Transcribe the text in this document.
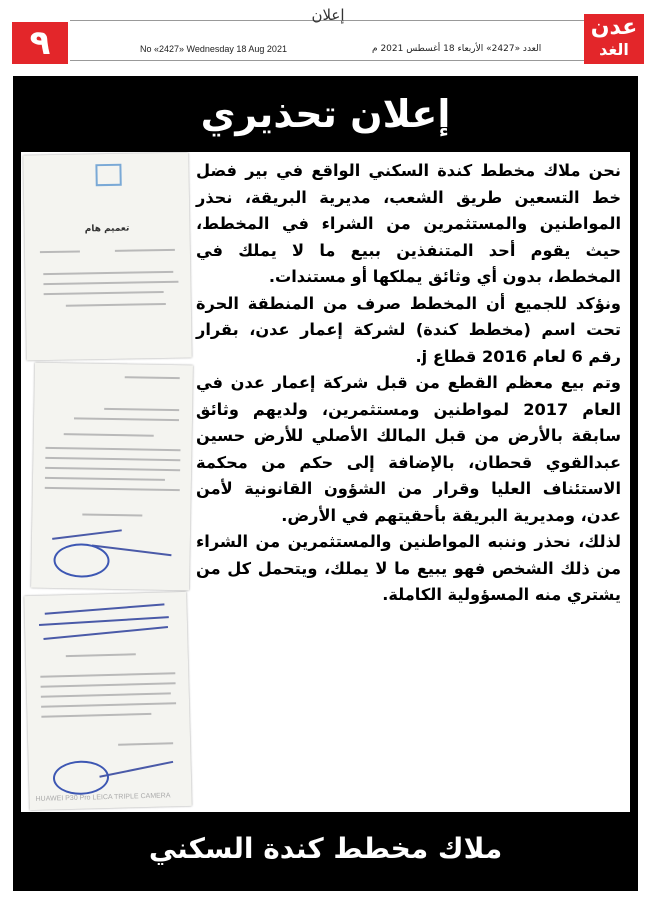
٩
إعلان
No «2427» Wednesday 18 Aug 2021	العدد «2427» الأربعاء 18 أغسطس 2021 م
عدن
الغد
إعلان تحذيري
تعميم هام
HUAWEI P30 Pro LEICA TRIPLE CAMERA

نحن ملاك مخطط كندة السكني الواقع في بير فضل خط التسعين طريق الشعب، مديرية البريقة، نحذر المواطنين والمستثمرين من الشراء في المخطط، حيث يقوم أحد المتنفذين ببيع ما لا يملك في المخطط، بدون أي وثائق يملكها أو مستندات.

ونؤكد للجميع أن المخطط صرف من المنطقة الحرة تحت اسم (مخطط كندة) لشركة إعمار عدن، بقرار رقم 6 لعام 2016 قطاع j.

وتم بيع معظم القطع من قبل شركة إعمار عدن في العام 2017 لمواطنين ومستثمرين، ولديهم وثائق سابقة بالأرض من قبل المالك الأصلي للأرض حسين عبدالقوي قحطان، بالإضافة إلى حكم من محكمة الاستئناف العليا وقرار من الشؤون القانونية لأمن عدن، ومديرية البريقة بأحقيتهم في الأرض.

لذلك، نحذر وننبه المواطنين والمستثمرين من الشراء من ذلك الشخص فهو يبيع ما لا يملك، ويتحمل كل من يشتري منه المسؤولية الكاملة.

ملاك مخطط كندة السكني
